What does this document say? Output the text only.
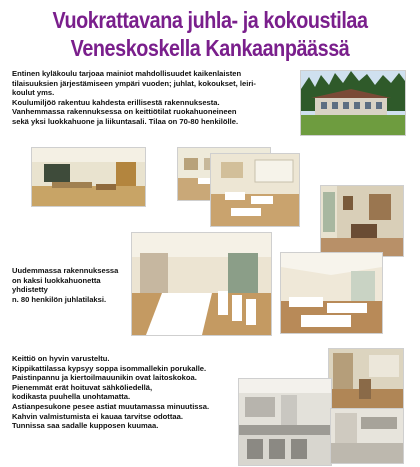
Vuokrattavana juhla- ja kokoustilaa
Veneskoskella Kankaanpäässä
Entinen kyläkoulu tarjoaa mainiot mahdollisuudet kaikenlaisten
tilaisuuksien järjestämiseen ympäri vuoden; juhlat, kokoukset, leiri-
koulut yms.
Koulumiljöö rakentuu kahdesta erillisestä rakennuksesta.
Vanhemmassa rakennuksessa on keittiötilat ruokahuoneineen
sekä yksi luokkahuone ja liikuntasali. Tilaa on 70-80 henkilölle.
Uudemmassa rakennuksessa
on kaksi luokkahuonetta
yhdistetty
n. 80 henkilön juhlatilaksi.
Keittiö on hyvin varusteltu.
Kippikattilassa kypsyy soppa isommallekin porukalle.
Paistinpannu ja kiertoilmauunikin ovat laitoskokoa.
Pienemmät erät hoituvat sähköliedellä,
kodikasta puuhella unohtamatta.
Astianpesukone pesee astiat muutamassa minuutissa.
Kahvin valmistumista ei kauaa tarvitse odottaa.
Tunnissa saa sadalle kupposen kuumaa.
